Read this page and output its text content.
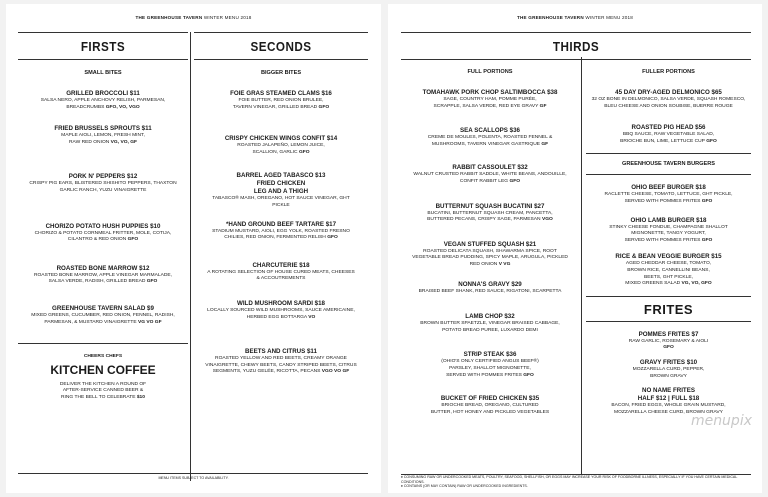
THE GREENHOUSE TAVERN WINTER MENU 2018
FIRSTS
SMALL BITES
GRILLED BROCCOLI $11
SALSA NERO, APPLE ANCHOVY RELISH, PARMESAN,
BREADCRUMBS GFO, VO, VGO
FRIED BRUSSELS SPROUTS $11
MAPLE AIOLI, LEMON, FRESH MINT,
RAW RED ONION VG, VO, GF
PORK N' PEPPERS $12
CRISPY PIG EARS, BLISTERED SHISHITO PEPPERS, THAXTON
GARLIC RANCH, YUZU VINAIGRETTE
CHORIZO POTATO HUSH PUPPIES $10
CHORIZO & POTATO CORNMEAL FRITTER, MOLE, COTIJA,
CILANTRO & RED ONION GFO
ROASTED BONE MARROW $12
ROASTED BONE MARROW, APPLE VINEGAR MARMALADE,
SALSA VERDE, RADISH, GRILLED BREAD GFO
GREENHOUSE TAVERN SALAD $9
MIXED GREENS, CUCUMBER, RED ONION, FENNEL, RADISH,
PARMESAN, & MUSTARD VINAIGRETTE VG VO GF
CHEERS CHEFS
KITCHEN COFFEE
DELIVER THE KITCHEN A ROUND OF
AFTER-SERVICE CANNED BEER &
RING THE BELL TO CELEBRATE $10
SECONDS
BIGGER BITES
FOIE GRAS STEAMED CLAMS $16
FOIE BUTTER, RED ONION BRULEE,
TAVERN VINEGAR, GRILLED BREAD GFO
CRISPY CHICKEN WINGS CONFIT $14
ROASTED JALAPEÑO, LEMON JUICE,
SCALLION, GARLIC GFO
BARREL AGED TABASCO $13
FRIED CHICKEN
LEG AND A THIGH
TABASCO® MASH, OREGANO, HOT SAUCE VINEGAR, GHT
PICKLE
*HAND GROUND BEEF TARTARE $17
STADIUM MUSTARD, AIOLI, EGG YOLK, ROASTED FRESNO
CHILIES, RED ONION, FERMENTED RELISH GFO
CHARCUTERIE $18
A ROTATING SELECTION OF HOUSE CURED MEATS, CHEESES
& ACCOUTREMENTS
WILD MUSHROOM SARDI $18
LOCALLY SOURCED WILD MUSHROOMS, SAUCE AMERICAINE,
HERBED EGG BOTTARGA VO
BEETS AND CITRUS $11
ROASTED YELLOW AND RED BEETS, CREAMY ORANGE
VINAIGRETTE, CHEWY BEETS, CANDY STRIPED BEETS, CITRUS
SEGMENTS, YUZU GELÉE, RICOTTA, PECANS VGO VO GF
MENU ITEMS SUBJECT TO AVAILABILITY.
THE GREENHOUSE TAVERN WINTER MENU 2018
THIRDS
FULL PORTIONS
TOMAHAWK PORK CHOP SALTIMBOCCA $38
SAGE, COUNTRY HAM, POMME PURÉE,
SCRAPPLE, SALSA VERDE, RED EYE GRAVY GF
SEA SCALLOPS $36
CREME DE MOULES, POLENTA, ROASTED FENNEL &
MUSHROOMS, TAVERN VINEGAR GASTRIQUE GF
RABBIT CASSOULET $32
WALNUT CRUSTED RABBIT SADDLE, WHITE BEANS, ANDOUILLE,
CONFIT RABBIT LEG GFO
BUTTERNUT SQUASH BUCATINI $27
BUCATINI, BUTTERNUT SQUASH CREAM, PANCETTA,
BUTTERED PECANS, CRISPY SAGE, PARMESAN VGO
VEGAN STUFFED SQUASH $21
ROASTED DELICATA SQUASH, SHAWARMA SPICE, ROOT
VEGETABLE BREAD PUDDING, SPICY MAPLE, ARUGULA, PICKLED
RED ONION V VG
NONNA'S GRAVY $29
BRAISED BEEF SHANK, RED SAUCE, RIGATONI, SCARPETTA
LAMB CHOP $32
BROWN BUTTER SPAETZLE, VINEGAR BRAISED CABBAGE,
POTATO BREAD PUREE, LUXARDO DEMI
STRIP STEAK $36
(OHIO'S ONLY CERTIFIED ANGUS BEEF®)
PARSLEY, SHALLOT MIGNONETTE,
SERVED WITH POMMES FRITES GFO
BUCKET OF FRIED CHICKEN $35
BRIOCHE BREAD, OREGANO, CULTURED
BUTTER, HOT HONEY AND PICKLED VEGETABLES
FULLER PORTIONS
45 DAY DRY-AGED DELMONICO $65
32 OZ BONE IN DELMONICO, SALSA VERDE, SQUASH ROMESCO,
BLEU CHEESE AND ONION SOUBISE, BUERRE ROUGE
ROASTED PIG HEAD $56
BBQ SAUCE, RAW VEGETABLE SALAD,
BRIOCHE BUN, LIME, LETTUCE CUP GFO
GREENHOUSE TAVERN BURGERS
OHIO BEEF BURGER $18
RACLETTE CHEESE, TOMATO, LETTUCE, GHT PICKLE,
SERVED WITH POMMES FRITES GFO
OHIO LAMB BURGER $18
STINKY CHEESE FONDUE, CHAMPAGNE SHALLOT
MIGNONETTE, TANGY YOGURT,
SERVED WITH POMMES FRITES GFO
RICE & BEAN VEGGIE BURGER $15
AGED CHEDDAR CHEESE, TOMATO,
BROWN RICE, CANNELLINI BEANS,
BEETS, GHT PICKLE,
MIXED GREENS SALAD VG, VO, GFO
FRITES
POMMES FRITES $7
RAW GARLIC, ROSEMARY & AIOLI
GFO
GRAVY FRITES $10
MOZZARELLA CURD, PEPPER,
BROWN GRAVY
NO NAME FRITES
HALF $12 | FULL $18
BACON, FRIED EGGS, WHOLE GRAIN MUSTARD,
MOZZARELLA CHEESE CURD, BROWN GRAVY
♦ CONSUMING RAW OR UNDERCOOKED MEATS, POULTRY, SEAFOOD, SHELLFISH, OR EGGS MAY INCREASE YOUR RISK OF FOODBORNE ILLNESS, ESPECIALLY IF YOU HAVE CERTAIN MEDICAL CONDITIONS.
♦ CONTAINS (OR MAY CONTAIN) RAW OR UNDERCOOKED INGREDIENTS.
menupix
